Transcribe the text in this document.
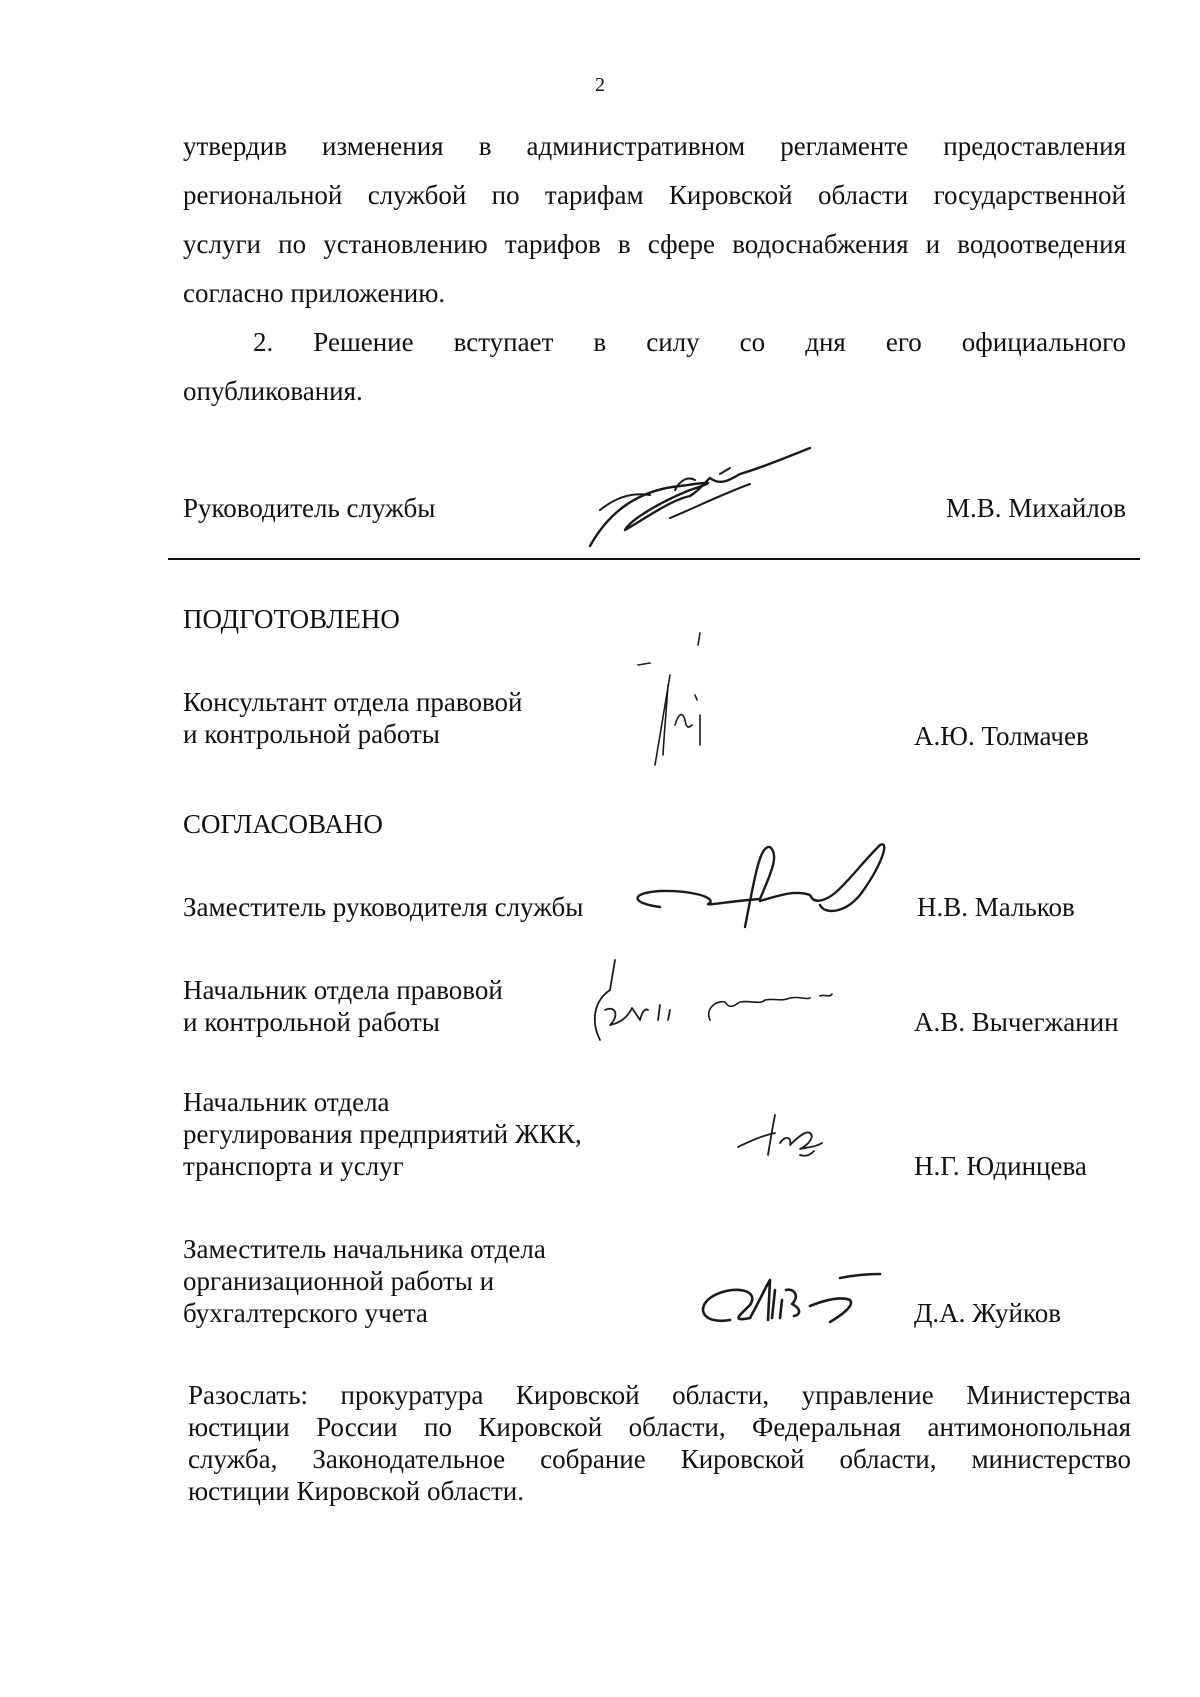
2
утвердив изменения в административном регламенте предоставления
региональной службой по тарифам Кировской области государственной
услуги по установлению тарифов в сфере водоснабжения и водоотведения
согласно приложению.
2. Решение вступает в силу со дня его официального
опубликования.
Руководитель службы	М.В. Михайлов
ПОДГОТОВЛЕНО
Консультант отдела правовой
и контрольной работы	А.Ю. Толмачев
СОГЛАСОВАНО
Заместитель руководителя службы	Н.В. Мальков
Начальник отдела правовой
и контрольной работы	А.В. Вычегжанин
Начальник отдела
регулирования предприятий ЖКК,
транспорта и услуг	Н.Г. Юдинцева
Заместитель начальника отдела
организационной работы и
бухгалтерского учета	Д.А. Жуйков
Разослать: прокуратура Кировской области, управление Министерства
юстиции России по Кировской области, Федеральная антимонопольная
служба, Законодательное собрание Кировской области, министерство
юстиции Кировской области.
